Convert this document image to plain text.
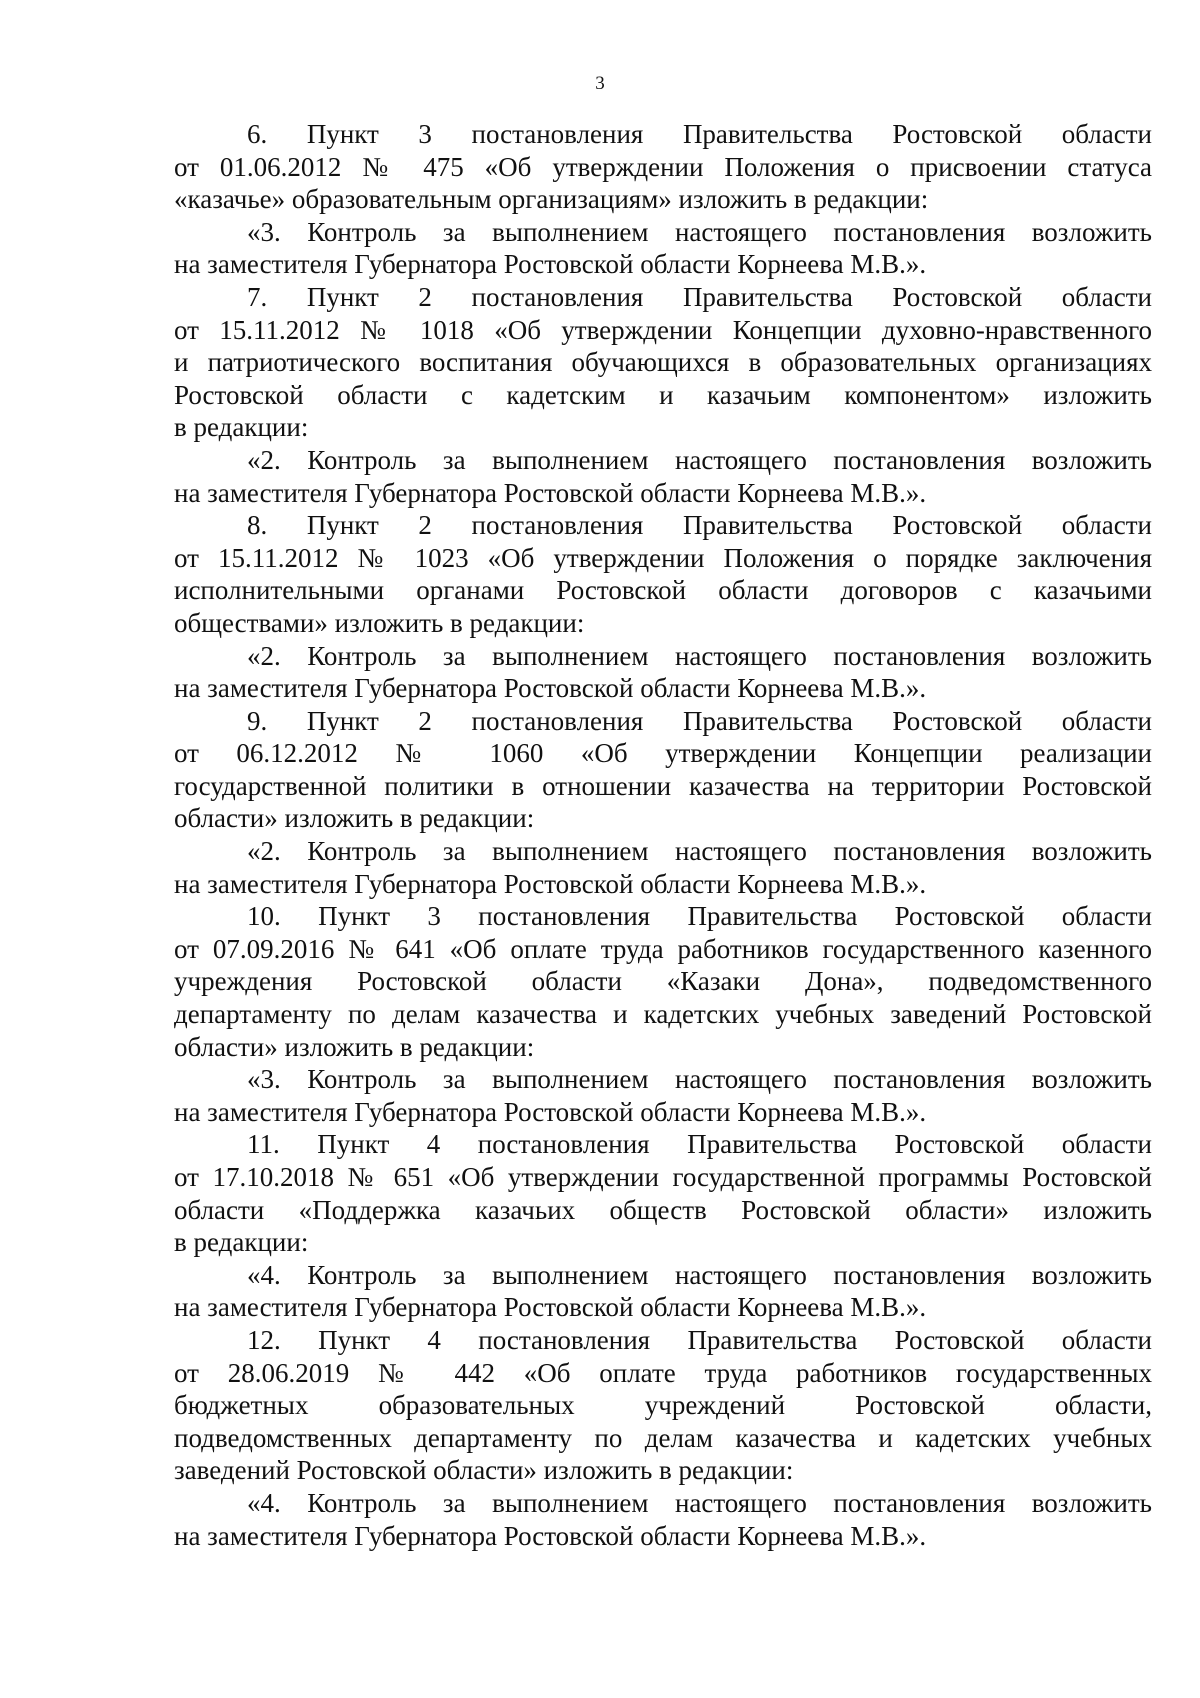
3

6. Пункт 3 постановления Правительства Ростовской области
от 01.06.2012 № 475 «Об утверждении Положения о присвоении статуса
«казачье» образовательным организациям» изложить в редакции:

«3. Контроль за выполнением настоящего постановления возложить
на заместителя Губернатора Ростовской области Корнеева М.В.».

7. Пункт 2 постановления Правительства Ростовской области
от 15.11.2012 № 1018 «Об утверждении Концепции духовно-нравственного
и патриотического воспитания обучающихся в образовательных организациях
Ростовской области с кадетским и казачьим компонентом» изложить
в редакции:

«2. Контроль за выполнением настоящего постановления возложить
на заместителя Губернатора Ростовской области Корнеева М.В.».

8. Пункт 2 постановления Правительства Ростовской области
от 15.11.2012 № 1023 «Об утверждении Положения о порядке заключения
исполнительными органами Ростовской области договоров с казачьими
обществами» изложить в редакции:

«2. Контроль за выполнением настоящего постановления возложить
на заместителя Губернатора Ростовской области Корнеева М.В.».

9. Пункт 2 постановления Правительства Ростовской области
от 06.12.2012 № 1060 «Об утверждении Концепции реализации
государственной политики в отношении казачества на территории Ростовской
области» изложить в редакции:

«2. Контроль за выполнением настоящего постановления возложить
на заместителя Губернатора Ростовской области Корнеева М.В.».

10. Пункт 3 постановления Правительства Ростовской области
от 07.09.2016 № 641 «Об оплате труда работников государственного казенного
учреждения Ростовской области «Казаки Дона», подведомственного
департаменту по делам казачества и кадетских учебных заведений Ростовской
области» изложить в редакции:

«3. Контроль за выполнением настоящего постановления возложить
на заместителя Губернатора Ростовской области Корнеева М.В.».

11. Пункт 4 постановления Правительства Ростовской области
от 17.10.2018 № 651 «Об утверждении государственной программы Ростовской
области «Поддержка казачьих обществ Ростовской области» изложить
в редакции:

«4. Контроль за выполнением настоящего постановления возложить
на заместителя Губернатора Ростовской области Корнеева М.В.».

12. Пункт 4 постановления Правительства Ростовской области
от 28.06.2019 № 442 «Об оплате труда работников государственных
бюджетных образовательных учреждений Ростовской области,
подведомственных департаменту по делам казачества и кадетских учебных
заведений Ростовской области» изложить в редакции:

«4. Контроль за выполнением настоящего постановления возложить
на заместителя Губернатора Ростовской области Корнеева М.В.».
